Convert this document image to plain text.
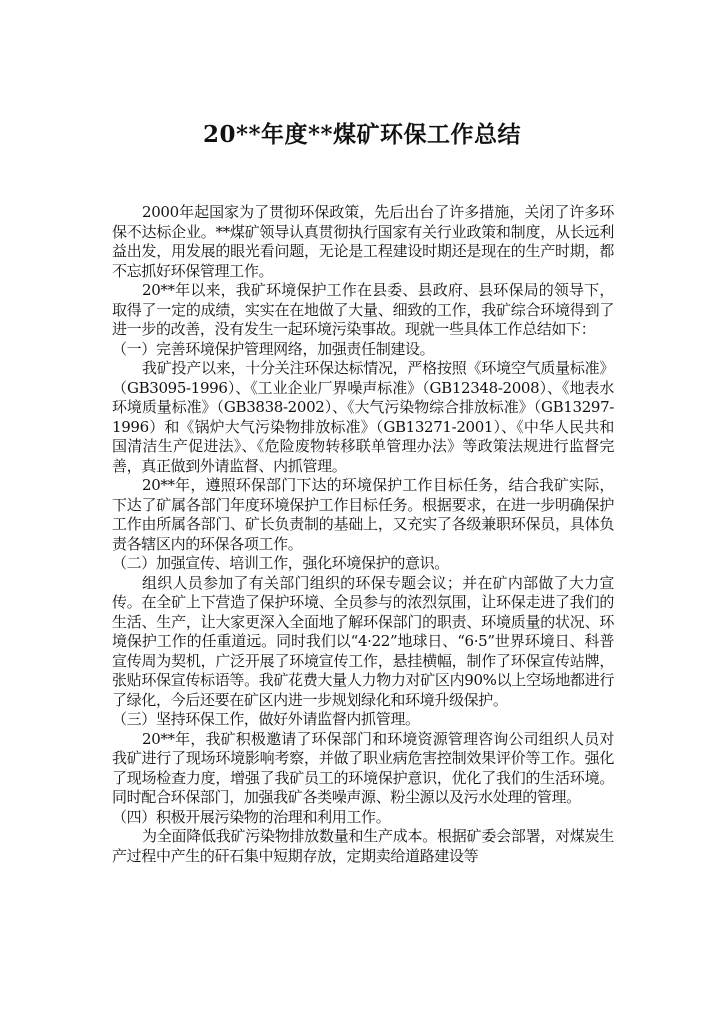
20**年度**煤矿环保工作总结

2000年起国家为了贯彻环保政策，先后出台了许多措施，关闭了许多环保不达标企业。**煤矿领导认真贯彻执行国家有关行业政策和制度，从长远利益出发，用发展的眼光看问题，无论是工程建设时期还是现在的生产时期，都不忘抓好环保管理工作。

20**年以来，我矿环境保护工作在县委、县政府、县环保局的领导下，取得了一定的成绩，实实在在地做了大量、细致的工作，我矿综合环境得到了进一步的改善，没有发生一起环境污染事故。现就一些具体工作总结如下：

（一）完善环境保护管理网络，加强责任制建设。

我矿投产以来，十分关注环保达标情况，严格按照《环境空气质量标准》（GB3095-1996）、《工业企业厂界噪声标准》（GB12348-2008）、《地表水环境质量标准》（GB3838-2002）、《大气污染物综合排放标准》（GB13297-1996）和《锅炉大气污染物排放标准》（GB13271-2001）、《中华人民共和国清洁生产促进法》、《危险废物转移联单管理办法》等政策法规进行监督完善，真正做到外请监督、内抓管理。

20**年，遵照环保部门下达的环境保护工作目标任务，结合我矿实际，下达了矿属各部门年度环境保护工作目标任务。根据要求，在进一步明确保护工作由所属各部门、矿长负责制的基础上，又充实了各级兼职环保员，具体负责各辖区内的环保各项工作。

（二）加强宣传、培训工作，强化环境保护的意识。

组织人员参加了有关部门组织的环保专题会议；并在矿内部做了大力宣传。在全矿上下营造了保护环境、全员参与的浓烈氛围，让环保走进了我们的生活、生产，让大家更深入全面地了解环保部门的职责、环境质量的状况、环境保护工作的任重道远。同时我们以“4·22”地球日、“6·5”世界环境日、科普宣传周为契机，广泛开展了环境宣传工作，悬挂横幅，制作了环保宣传站牌，张贴环保宣传标语等。我矿花费大量人力物力对矿区内90%以上空场地都进行了绿化，今后还要在矿区内进一步规划绿化和环境升级保护。

（三）坚持环保工作，做好外请监督内抓管理。

20**年，我矿积极邀请了环保部门和环境资源管理咨询公司组织人员对我矿进行了现场环境影响考察，并做了职业病危害控制效果评价等工作。强化了现场检查力度，增强了我矿员工的环境保护意识，优化了我们的生活环境。同时配合环保部门，加强我矿各类噪声源、粉尘源以及污水处理的管理。

（四）积极开展污染物的治理和利用工作。

为全面降低我矿污染物排放数量和生产成本。根据矿委会部署，对煤炭生产过程中产生的矸石集中短期存放，定期卖给道路建设等
